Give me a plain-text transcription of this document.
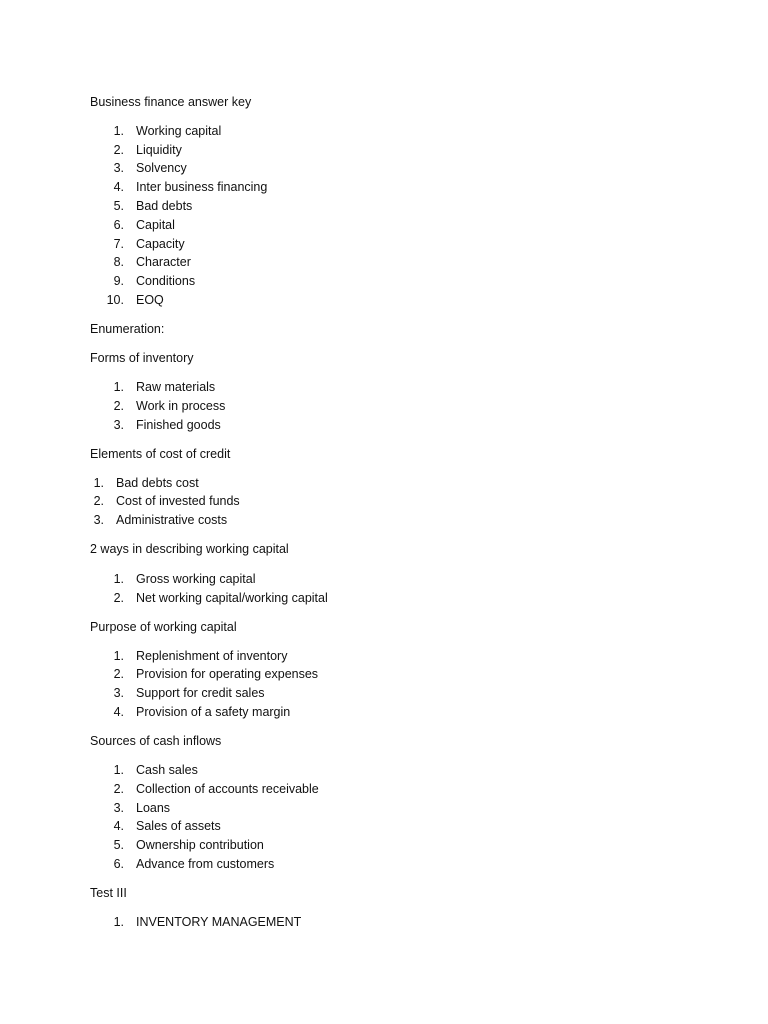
Business finance answer key
1. Working capital
2. Liquidity
3. Solvency
4. Inter business financing
5. Bad debts
6. Capital
7. Capacity
8. Character
9. Conditions
10. EOQ
Enumeration:
Forms of inventory
1. Raw materials
2. Work in process
3. Finished goods
Elements of cost of credit
1. Bad debts cost
2. Cost of invested funds
3. Administrative costs
2 ways in describing working capital
1. Gross working capital
2. Net working capital/working capital
Purpose of working capital
1. Replenishment of inventory
2. Provision for operating expenses
3. Support for credit sales
4. Provision of a safety margin
Sources of cash inflows
1. Cash sales
2. Collection of accounts receivable
3. Loans
4. Sales of assets
5. Ownership contribution
6. Advance from customers
Test III
1. INVENTORY MANAGEMENT
